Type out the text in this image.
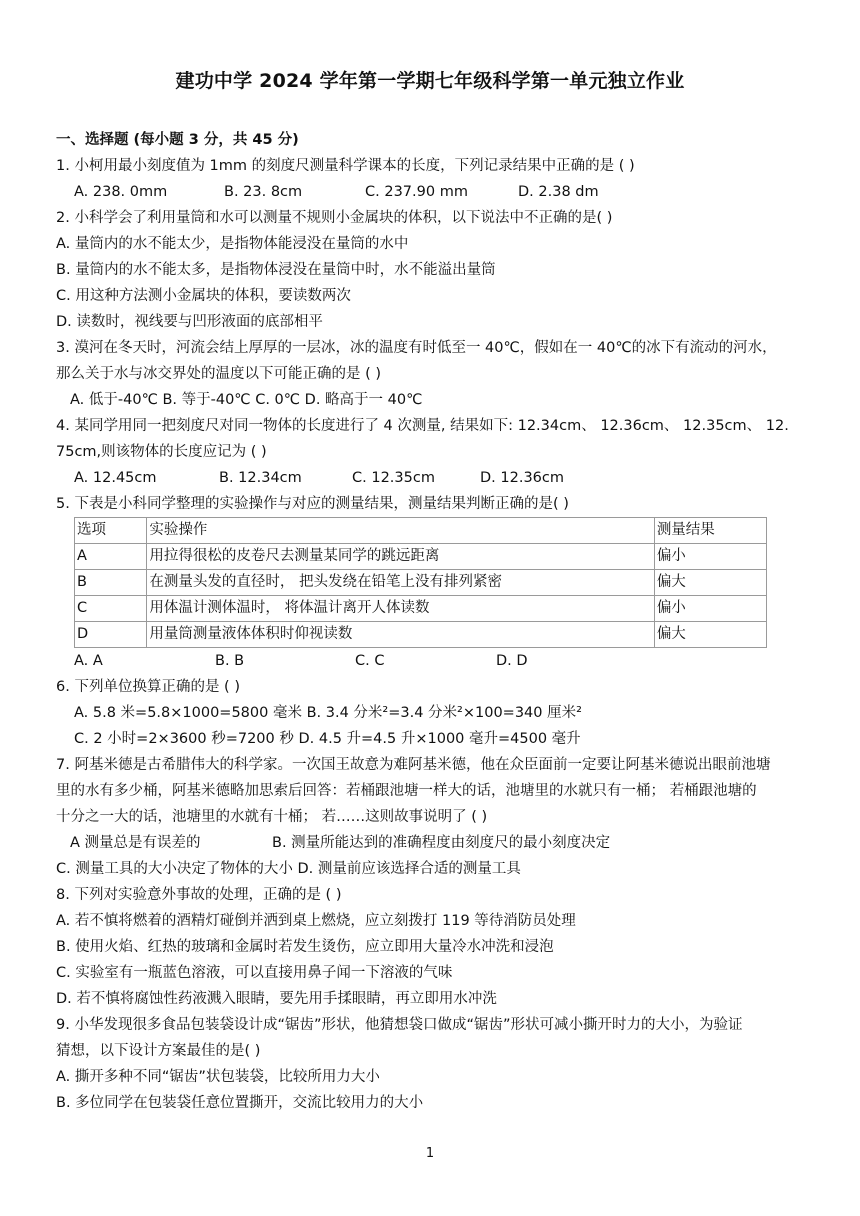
建功中学 2024 学年第一学期七年级科学第一单元独立作业
一、选择题 (每小题 3 分，共 45 分)
1. 小柯用最小刻度值为 1mm 的刻度尺测量科学课本的长度，下列记录结果中正确的是 ( )
A. 238. 0mm	B. 23. 8cm	C. 237.90 mm	D. 2.38 dm
2. 小科学会了利用量筒和水可以测量不规则小金属块的体积，以下说法中不正确的是( )
A. 量筒内的水不能太少，是指物体能浸没在量筒的水中
B. 量筒内的水不能太多，是指物体浸没在量筒中时，水不能溢出量筒
C. 用这种方法测小金属块的体积，要读数两次
D. 读数时，视线要与凹形液面的底部相平
3. 漠河在冬天时，河流会结上厚厚的一层冰，冰的温度有时低至一 40℃，假如在一 40℃的冰下有流动的河水，
那么关于水与冰交界处的温度以下可能正确的是 ( )
A. 低于-40℃ B. 等于-40℃ C. 0℃ D. 略高于一 40℃
4. 某同学用同一把刻度尺对同一物体的长度进行了 4 次测量, 结果如下: 12.34cm、 12.36cm、 12.35cm、 12.
75cm,则该物体的长度应记为 ( )
A. 12.45cm	B. 12.34cm	C. 12.35cm	D. 12.36cm
5. 下表是小科同学整理的实验操作与对应的测量结果，测量结果判断正确的是( )
选项	实验操作	测量结果
A	用拉得很松的皮卷尺去测量某同学的跳远距离	偏小
B	在测量头发的直径时， 把头发绕在铅笔上没有排列紧密	偏大
C	用体温计测体温时， 将体温计离开人体读数	偏小
D	用量筒测量液体体积时仰视读数	偏大
A. A	B. B	C. C	D. D
6. 下列单位换算正确的是 ( )
A. 5.8 米=5.8×1000=5800 毫米 B. 3.4 分米²=3.4 分米²×100=340 厘米²
C. 2 小时=2×3600 秒=7200 秒 D. 4.5 升=4.5 升×1000 毫升=4500 毫升
7. 阿基米德是古希腊伟大的科学家。一次国王故意为难阿基米德，他在众臣面前一定要让阿基米德说出眼前池塘
里的水有多少桶，阿基米德略加思索后回答：若桶跟池塘一样大的话，池塘里的水就只有一桶； 若桶跟池塘的
十分之一大的话，池塘里的水就有十桶； 若……这则故事说明了 ( )
A 测量总是有误差的	B. 测量所能达到的准确程度由刻度尺的最小刻度决定
C. 测量工具的大小决定了物体的大小 D. 测量前应该选择合适的测量工具
8. 下列对实验意外事故的处理，正确的是 ( )
A. 若不慎将燃着的酒精灯碰倒并洒到桌上燃烧，应立刻拨打 119 等待消防员处理
B. 使用火焰、红热的玻璃和金属时若发生烫伤，应立即用大量冷水冲洗和浸泡
C. 实验室有一瓶蓝色溶液，可以直接用鼻子闻一下溶液的气味
D. 若不慎将腐蚀性药液溅入眼睛，要先用手揉眼睛，再立即用水冲洗
9. 小华发现很多食品包装袋设计成“锯齿”形状，他猜想袋口做成“锯齿”形状可减小撕开时力的大小，为验证
猜想，以下设计方案最佳的是( )
A. 撕开多种不同“锯齿”状包装袋，比较所用力大小
B. 多位同学在包装袋任意位置撕开，交流比较用力的大小
1
